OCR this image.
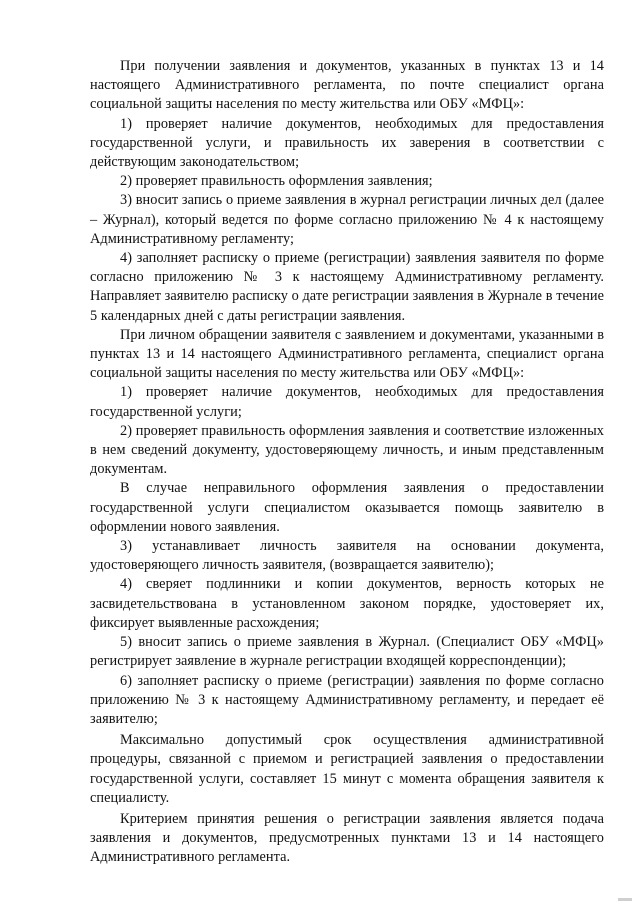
При получении заявления и документов, указанных в пунктах 13 и 14 настоящего Административного регламента, по почте специалист органа социальной защиты населения по месту жительства или ОБУ «МФЦ»:

1) проверяет наличие документов, необходимых для предоставления государственной услуги, и правильность их заверения в соответствии с действующим законодательством;

2) проверяет правильность оформления заявления;

3) вносит запись о приеме заявления в журнал регистрации личных дел (далее – Журнал), который ведется по форме согласно приложению № 4 к настоящему Административному регламенту;

4) заполняет расписку о приеме (регистрации) заявления заявителя по форме согласно приложению № 3 к настоящему Административному регламенту. Направляет заявителю расписку о дате регистрации заявления в Журнале в течение 5 календарных дней с даты регистрации заявления.

При личном обращении заявителя с заявлением и документами, указанными в пунктах 13 и 14 настоящего Административного регламента, специалист органа социальной защиты населения по месту жительства или ОБУ «МФЦ»:

1) проверяет наличие документов, необходимых для предоставления государственной услуги;

2) проверяет правильность оформления заявления и соответствие изложенных в нем сведений документу, удостоверяющему личность, и иным представленным документам.

В случае неправильного оформления заявления о предоставлении государственной услуги специалистом оказывается помощь заявителю в оформлении нового заявления.

3) устанавливает личность заявителя на основании документа, удостоверяющего личность заявителя, (возвращается заявителю);

4) сверяет подлинники и копии документов, верность которых не засвидетельствована в установленном законом порядке, удостоверяет их, фиксирует выявленные расхождения;

5) вносит запись о приеме заявления в Журнал. (Специалист ОБУ «МФЦ» регистрирует заявление в журнале регистрации входящей корреспонденции);

6) заполняет расписку о приеме (регистрации) заявления по форме согласно приложению № 3 к настоящему Административному регламенту, и передает её заявителю;

Максимально допустимый срок осуществления административной процедуры, связанной с приемом и регистрацией заявления о предоставлении государственной услуги, составляет 15 минут с момента обращения заявителя к специалисту.

Критерием принятия решения о регистрации заявления является подача заявления и документов, предусмотренных пунктами 13 и 14 настоящего Административного регламента.
